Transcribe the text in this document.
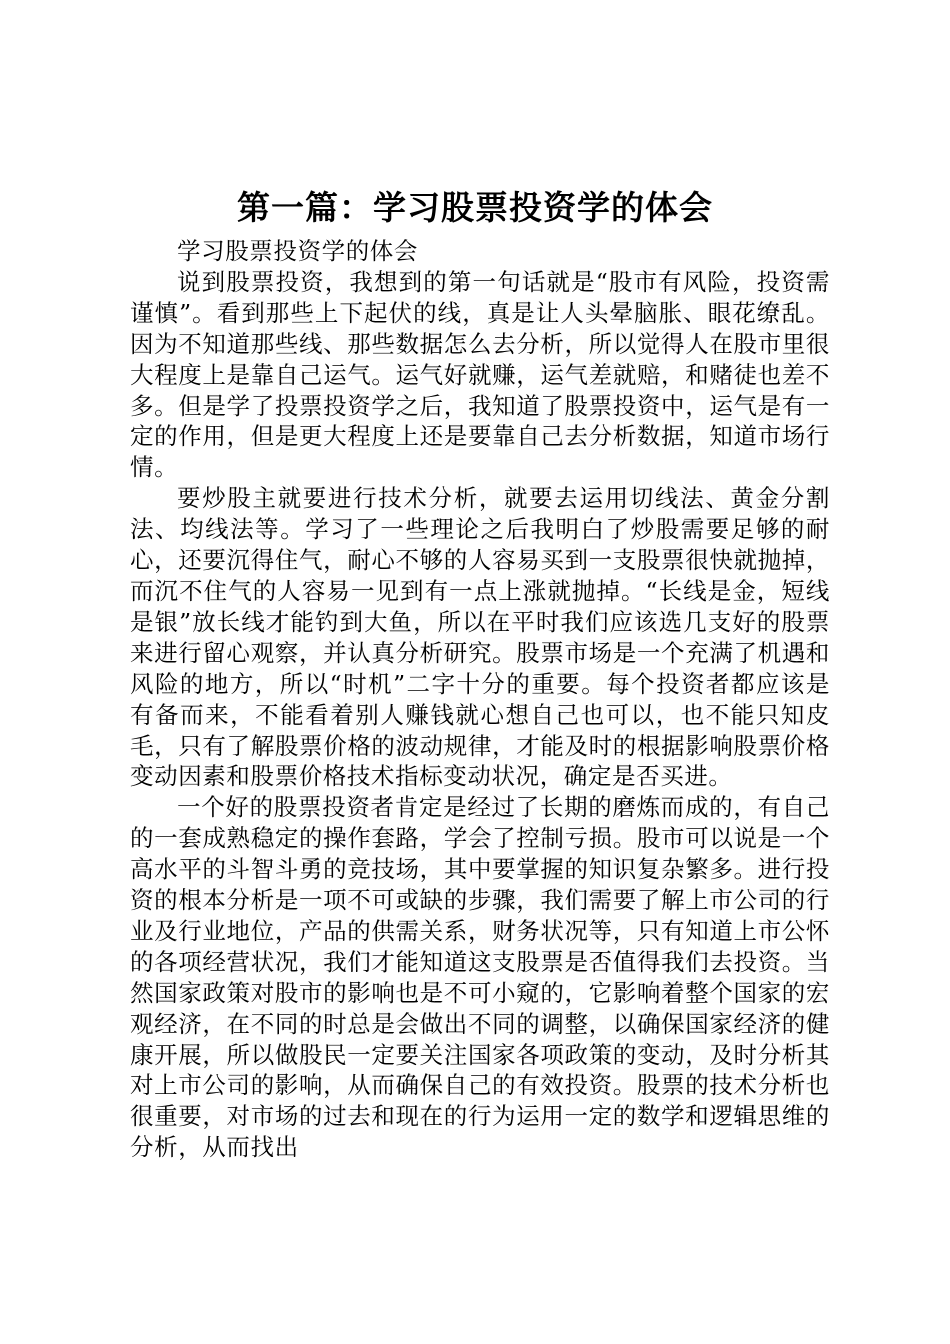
第一篇：学习股票投资学的体会

学习股票投资学的体会

说到股票投资，我想到的第一句话就是“股市有风险，投资需谨慎”。看到那些上下起伏的线，真是让人头晕脑胀、眼花缭乱。因为不知道那些线、那些数据怎么去分析，所以觉得人在股市里很大程度上是靠自己运气。运气好就赚，运气差就赔，和赌徒也差不多。但是学了投票投资学之后，我知道了股票投资中，运气是有一定的作用，但是更大程度上还是要靠自己去分析数据，知道市场行情。

要炒股主就要进行技术分析，就要去运用切线法、黄金分割法、均线法等。学习了一些理论之后我明白了炒股需要足够的耐心，还要沉得住气，耐心不够的人容易买到一支股票很快就抛掉，而沉不住气的人容易一见到有一点上涨就抛掉。“长线是金，短线是银”放长线才能钓到大鱼，所以在平时我们应该选几支好的股票来进行留心观察，并认真分析研究。股票市场是一个充满了机遇和风险的地方，所以“时机”二字十分的重要。每个投资者都应该是有备而来，不能看着别人赚钱就心想自己也可以，也不能只知皮毛，只有了解股票价格的波动规律，才能及时的根据影响股票价格变动因素和股票价格技术指标变动状况，确定是否买进。

一个好的股票投资者肯定是经过了长期的磨炼而成的，有自己的一套成熟稳定的操作套路，学会了控制亏损。股市可以说是一个高水平的斗智斗勇的竞技场，其中要掌握的知识复杂繁多。进行投资的根本分析是一项不可或缺的步骤，我们需要了解上市公司的行业及行业地位，产品的供需关系，财务状况等，只有知道上市公怀的各项经营状况，我们才能知道这支股票是否值得我们去投资。当然国家政策对股市的影响也是不可小窥的，它影响着整个国家的宏观经济，在不同的时总是会做出不同的调整，以确保国家经济的健康开展，所以做股民一定要关注国家各项政策的变动，及时分析其对上市公司的影响，从而确保自己的有效投资。股票的技术分析也很重要，对市场的过去和现在的行为运用一定的数学和逻辑思维的分析，从而找出
